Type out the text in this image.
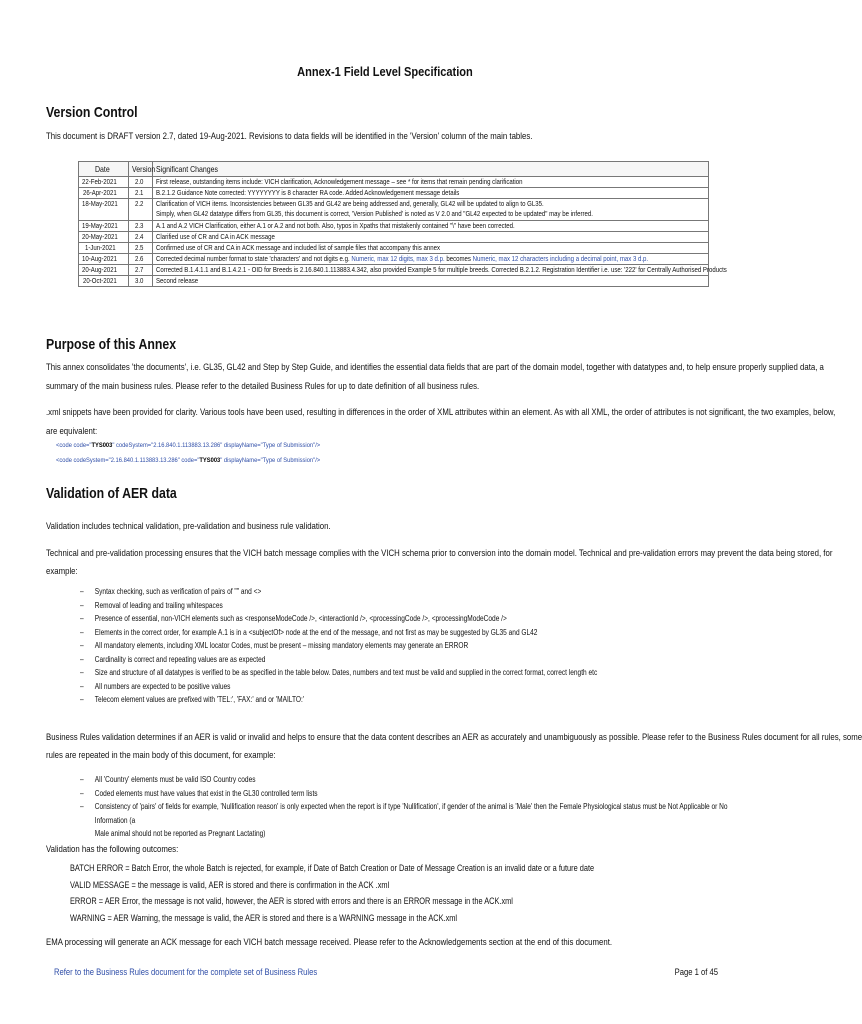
Annex-1 Field Level Specification
Version Control

This document is DRAFT version 2.7, dated 19-Aug-2021. Revisions to data fields will be identified in the 'Version' column of the main tables.

Date	Version	Significant Changes
22-Feb-2021	2.0	First release, outstanding items include: VICH clarification, Acknowledgement message – see * for items that remain pending clarification
26-Apr-2021	2.1	B.2.1.2 Guidance Note corrected: YYYYYYYY is 8 character RA code. Added Acknowledgement message details
18-May-2021	2.2	Clarification of VICH items. Inconsistencies between GL35 and GL42 are being addressed and, generally, GL42 will be updated to align to GL35.
Simply, when GL42 datatype differs from GL35, this document is correct, 'Version Published' is noted as V 2.0 and "GL42 expected to be updated" may be inferred.
19-May-2021	2.3	A.1 and A.2 VICH Clarification, either A.1 or A.2 and not both. Also, typos in Xpaths that mistakenly contained "\" have been corrected.
20-May-2021	2.4	Clarified use of CR and CA in ACK message
1-Jun-2021	2.5	Confirmed use of CR and CA in ACK message and included list of sample files that accompany this annex
10-Aug-2021	2.6	Corrected decimal number format to state 'characters' and not digits e.g. Numeric, max 12 digits, max 3 d.p. becomes Numeric, max 12 characters including a decimal point, max 3 d.p.
20-Aug-2021	2.7	Corrected B.1.4.1.1 and B.1.4.2.1 - OID for Breeds is 2.16.840.1.113883.4.342, also provided Example 5 for multiple breeds. Corrected B.2.1.2. Registration Identifier i.e. use: '222' for Centrally Authorised Products
20-Oct-2021	3.0	Second release
Purpose of this Annex

This annex consolidates 'the documents', i.e. GL35, GL42 and Step by Step Guide, and identifies the essential data fields that are part of the domain model, together with datatypes and, to help ensure properly supplied data, a

summary of the main business rules. Please refer to the detailed Business Rules for up to date definition of all business rules.

.xml snippets have been provided for clarity. Various tools have been used, resulting in differences in the order of XML attributes within an element. As with all XML, the order of attributes is not significant, the two examples, below,

are equivalent:

<code code="TYS003" codeSystem="2.16.840.1.113883.13.286" displayName="Type of Submission"/>
<code codeSystem="2.16.840.1.113883.13.286" code="TYS003" displayName="Type of Submission"/>
Validation of AER data

Validation includes technical validation, pre-validation and business rule validation.

Technical and pre-validation processing ensures that the VICH batch message complies with the VICH schema prior to conversion into the domain model. Technical and pre-validation errors may prevent the data being stored, for

example:

– Syntax checking, such as verification of pairs of "" and <>
– Removal of leading and trailing whitespaces
– Presence of essential, non-VICH elements such as <responseModeCode />, <interactionId />, <processingCode />, <processingModeCode />
– Elements in the correct order, for example A.1 is in a <subjectOf> node at the end of the message, and not first as may be suggested by GL35 and GL42
– All mandatory elements, including XML locator Codes, must be present – missing mandatory elements may generate an ERROR
– Cardinality is correct and repeating values are as expected
– Size and structure of all datatypes is verified to be as specified in the table below. Dates, numbers and text must be valid and supplied in the correct format, correct length etc
– All numbers are expected to be positive values
– Telecom element values are prefixed with 'TEL:', 'FAX:' and or 'MAILTO:'

Business Rules validation determines if an AER is valid or invalid and helps to ensure that the data content describes an AER as accurately and unambiguously as possible. Please refer to the Business Rules document for all rules, some

rules are repeated in the main body of this document, for example:

– All 'Country' elements must be valid ISO Country codes
– Coded elements must have values that exist in the GL30 controlled term lists
– Consistency of 'pairs' of fields for example, 'Nullification reason' is only expected when the report is if type 'Nullification', if gender of the animal is 'Male' then the Female Physiological status must be Not Applicable or No Information (a
Male animal should not be reported as Pregnant Lactating)

Validation has the following outcomes:

BATCH ERROR = Batch Error, the whole Batch is rejected, for example, if Date of Batch Creation or Date of Message Creation is an invalid date or a future date
VALID MESSAGE = the message is valid, AER is stored and there is confirmation in the ACK .xml
ERROR = AER Error, the message is not valid, however, the AER is stored with errors and there is an ERROR message in the ACK.xml
WARNING = AER Warning, the message is valid, the AER is stored and there is a WARNING message in the ACK.xml

EMA processing will generate an ACK message for each VICH batch message received. Please refer to the Acknowledgements section at the end of this document.

Refer to the Business Rules document for the complete set of Business Rules	Page 1 of 45
